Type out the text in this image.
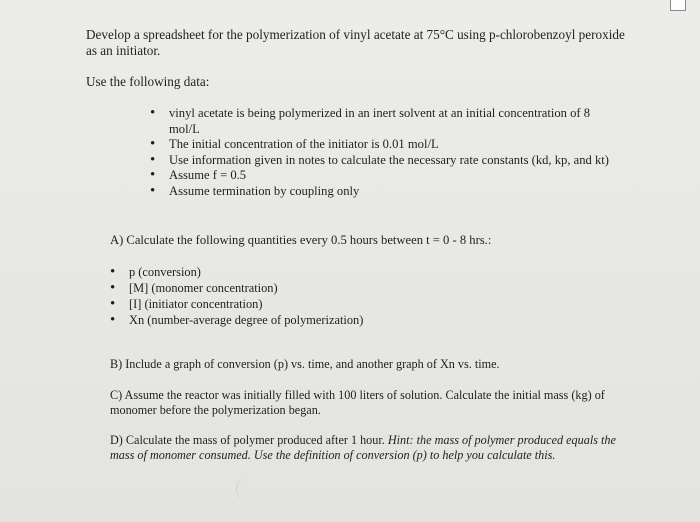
Develop a spreadsheet for the polymerization of vinyl acetate at 75°C using p-chlorobenzoyl peroxide as an initiator.

Use the following data:

• vinyl acetate is being polymerized in an inert solvent at an initial concentration of 8 mol/L
• The initial concentration of the initiator is 0.01 mol/L
• Use information given in notes to calculate the necessary rate constants (kd, kp, and kt)
• Assume f = 0.5
• Assume termination by coupling only

A) Calculate the following quantities every 0.5 hours between t = 0 - 8 hrs.:

• p (conversion)
• [M] (monomer concentration)
• [I] (initiator concentration)
• Xn (number-average degree of polymerization)

B) Include a graph of conversion (p) vs. time, and another graph of Xn vs. time.

C) Assume the reactor was initially filled with 100 liters of solution. Calculate the initial mass (kg) of monomer before the polymerization began.

D) Calculate the mass of polymer produced after 1 hour. Hint: the mass of polymer produced equals the mass of monomer consumed. Use the definition of conversion (p) to help you calculate this.
